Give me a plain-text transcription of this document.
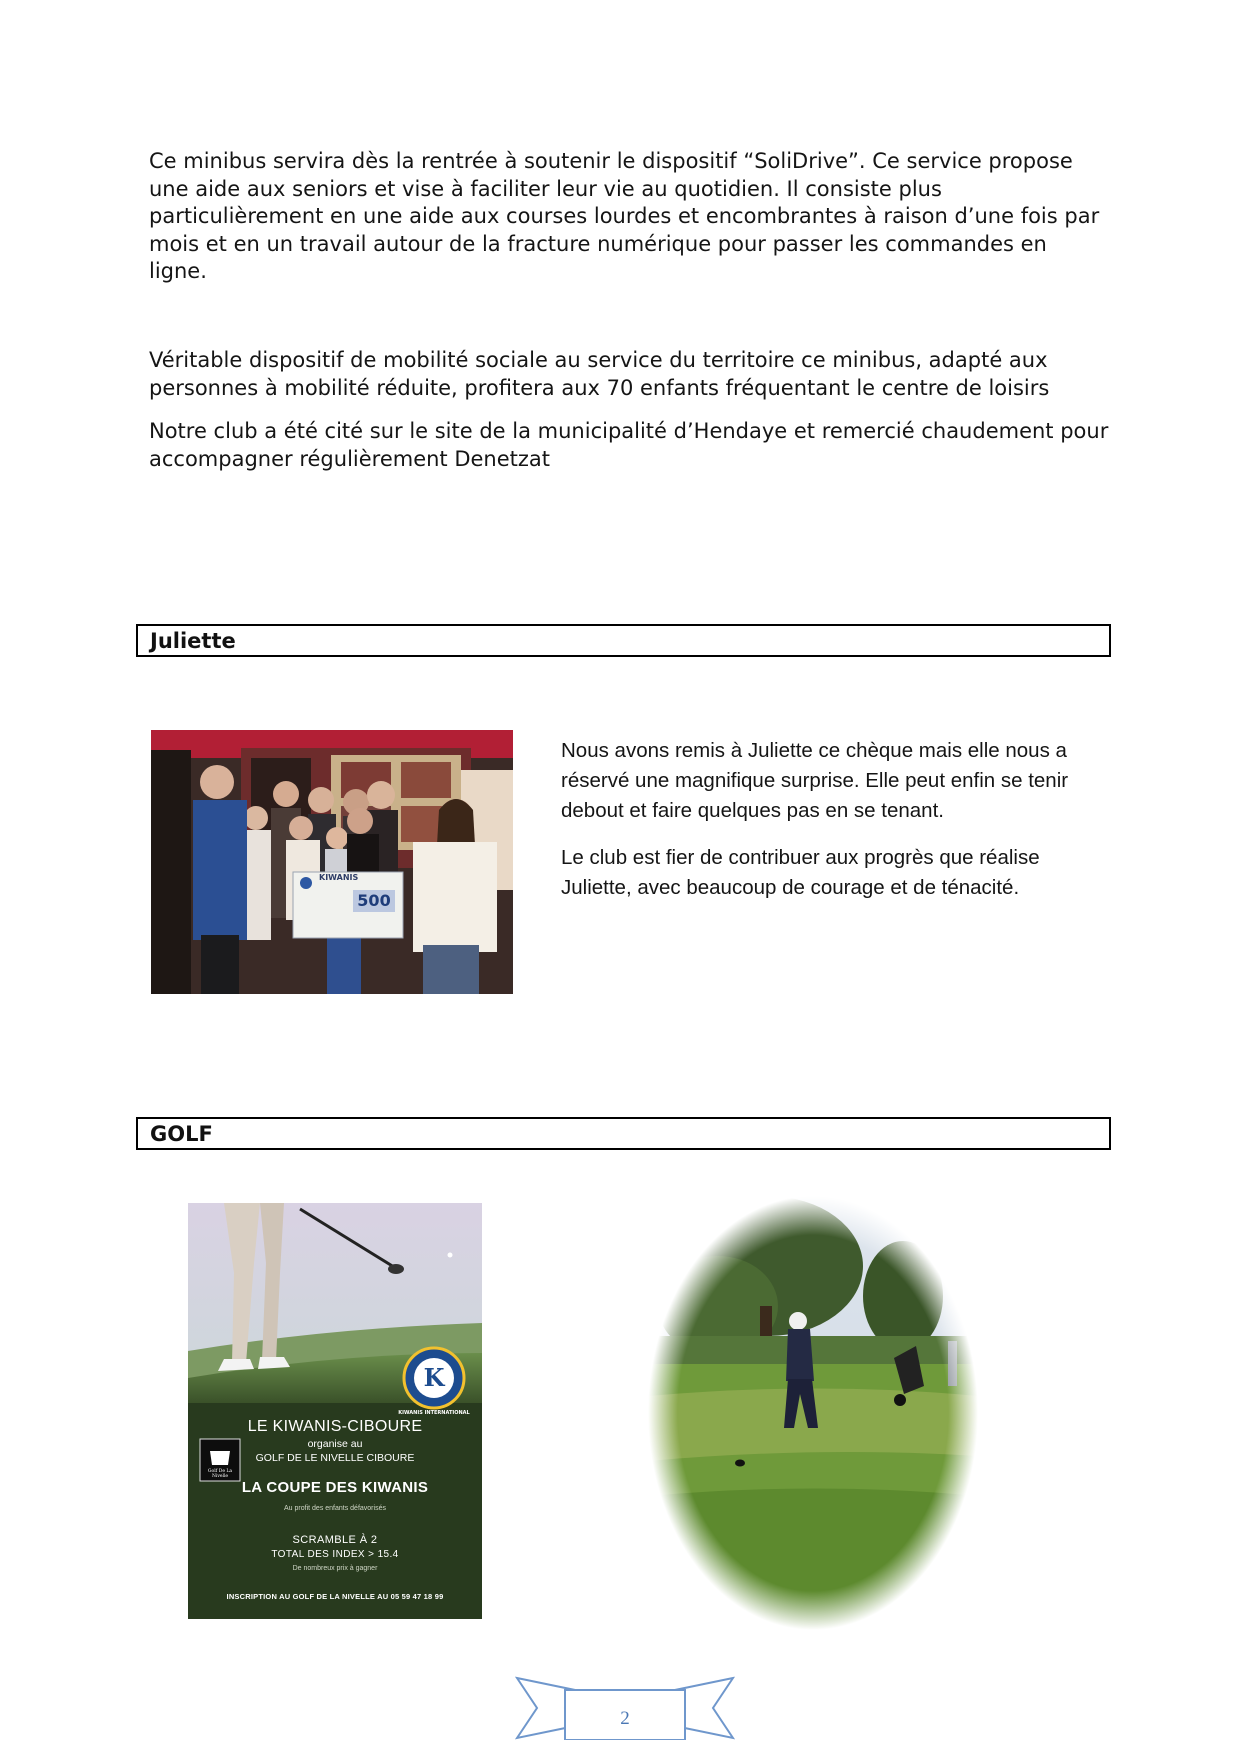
Ce minibus servira dès la rentrée à soutenir le dispositif “SoliDrive”. Ce service propose une aide aux seniors et vise à faciliter leur vie au quotidien. Il consiste plus particulièrement en une aide aux courses lourdes et encombrantes à raison d’une fois par mois et en un travail autour de la fracture numérique pour passer les commandes en ligne.

Véritable dispositif de mobilité sociale au service du territoire ce minibus, adapté aux personnes à mobilité réduite, profitera aux 70 enfants fréquentant le centre de loisirs

Notre club a été cité sur le site de la municipalité d’Hendaye et remercié chaudement pour accompagner régulièrement Denetzat

Juliette
KIWANIS
500

Nous avons remis à Juliette ce chèque mais elle nous a réservé une magnifique surprise. Elle peut enfin se tenir debout et faire quelques pas en se tenant.

Le club est fier de contribuer aux progrès que réalise Juliette, avec beaucoup de courage et de ténacité.

GOLF
K
KIWANIS INTERNATIONAL
Golf De La Nivelle

LE KIWANIS-CIBOURE

organise au

GOLF DE LE NIVELLE CIBOURE

LA COUPE DES KIWANIS

Au profit des enfants défavorisés

SCRAMBLE À 2

TOTAL DES INDEX > 15.4

De nombreux prix à gagner

INSCRIPTION AU GOLF DE LA NIVELLE AU 05 59 47 18 99

2
